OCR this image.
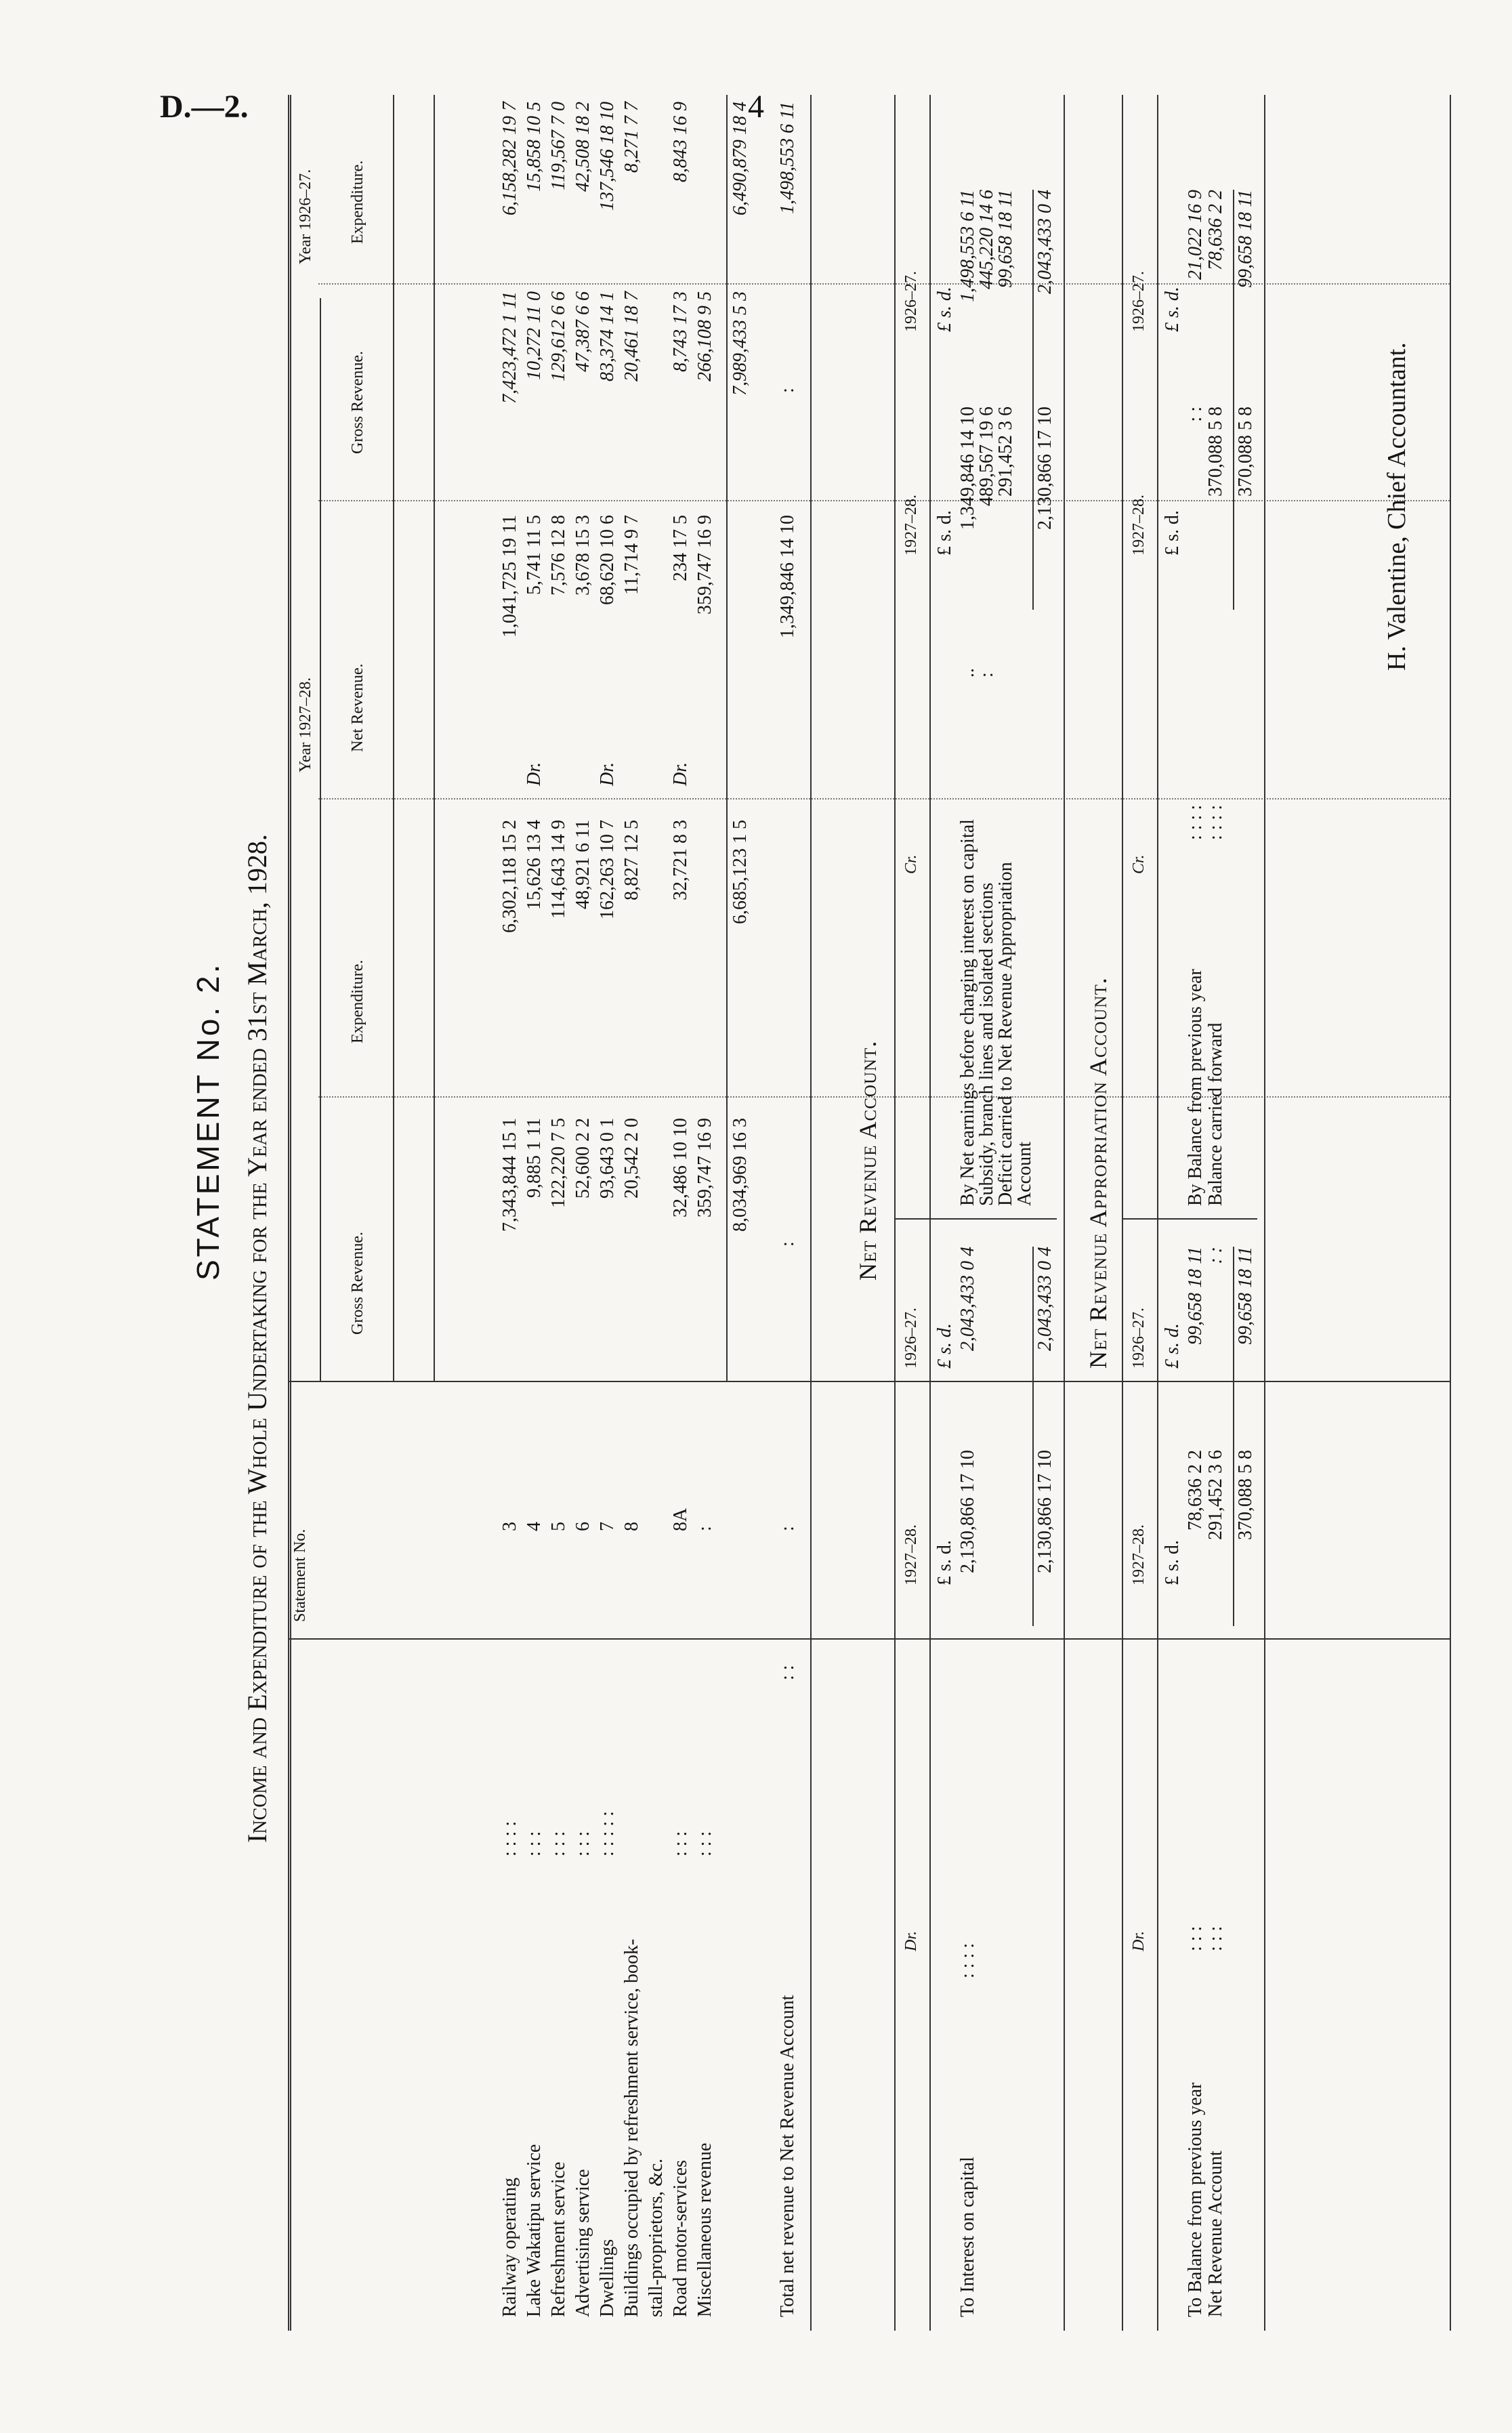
D.—2.	4
STATEMENT No. 2. Income and Expenditure of the Whole Undertaking for the Year ended 31st March, 1928. Statement No.
Year 1927–28.
Year 1926–27.
Gross Revenue.
Expenditure.
Net Revenue.
Gross Revenue.
Expenditure.
H. Valentine, Chief Accountant.
Railway operating
: : : :
3
7,343,844 15 1
6,302,118 15 2
1,041,725 19 11
7,423,472 1 11
6,158,282 19 7
Lake Wakatipu service
: : :
4
9,885 1 11
15,626 13 4
Dr.
5,741 11 5
10,272 11 0
15,858 10 5
Refreshment service
: : :
5
122,220 7 5
114,643 14 9
7,576 12 8
129,612 6 6
119,567 7 0
Advertising service
: : :
6
52,600 2 2
48,921 6 11
3,678 15 3
47,387 6 6
42,508 18 2
Dwellings
: : : : :
7
93,643 0 1
162,263 10 7
Dr.
68,620 10 6
83,374 14 1
137,546 18 10
Buildings occupied by refreshment service, book-
8
20,542 2 0
8,827 12 5
11,714 9 7
20,461 18 7
8,271 7 7
stall-proprietors, &c. Road motor-services
: : :
8A
32,486 10 10
32,721 8 3
Dr.
234 17 5
8,743 17 3
8,843 16 9
Miscellaneous revenue
: : :
:
359,747 16 9
359,747 16 9
266,108 9 5
8,034,969 16 3
6,685,123 1 5
7,989,433 5 3
6,490,879 18 4
Total net revenue to Net Revenue Account
: :
:
:
1,349,846 14 10
:
1,498,553 6 11
Net Revenue Account.
Dr.
1927–28.
1926–27.
Cr.
1927–28.
1926–27.
£ s. d.
£ s. d.
£ s. d.
£ s. d.
To Interest on capital
: : : :
2,130,866 17 10
2,043,433 0 4
By Net earnings before charging interest on capital
..
1,349,846 14 10
1,498,553 6 11
Subsidy, branch lines and isolated sections
:
489,567 19 6
445,220 14 6
Deficit carried to Net Revenue Appropriation
291,452 3 6
99,658 18 11
Account
2,130,866 17 10
2,043,433 0 4
2,130,866 17 10
2,043,433 0 4
Net Revenue Appropriation Account.
Dr.
1927–28.
1926–27.
Cr.
1927–28.
1926–27.
£ s. d.
£ s. d.
£ s. d.
£ s. d.
To Balance from previous year
: : :
78,636 2 2
99,658 18 11
Net Revenue Account
: : :
291,452 3 6
: :
By Balance from previous year
: : : :
: :
21,022 16 9
Balance carried forward
: : : :
370,088 5 8
78,636 2 2
370,088 5 8
99,658 18 11
370,088 5 8
99,658 18 11
